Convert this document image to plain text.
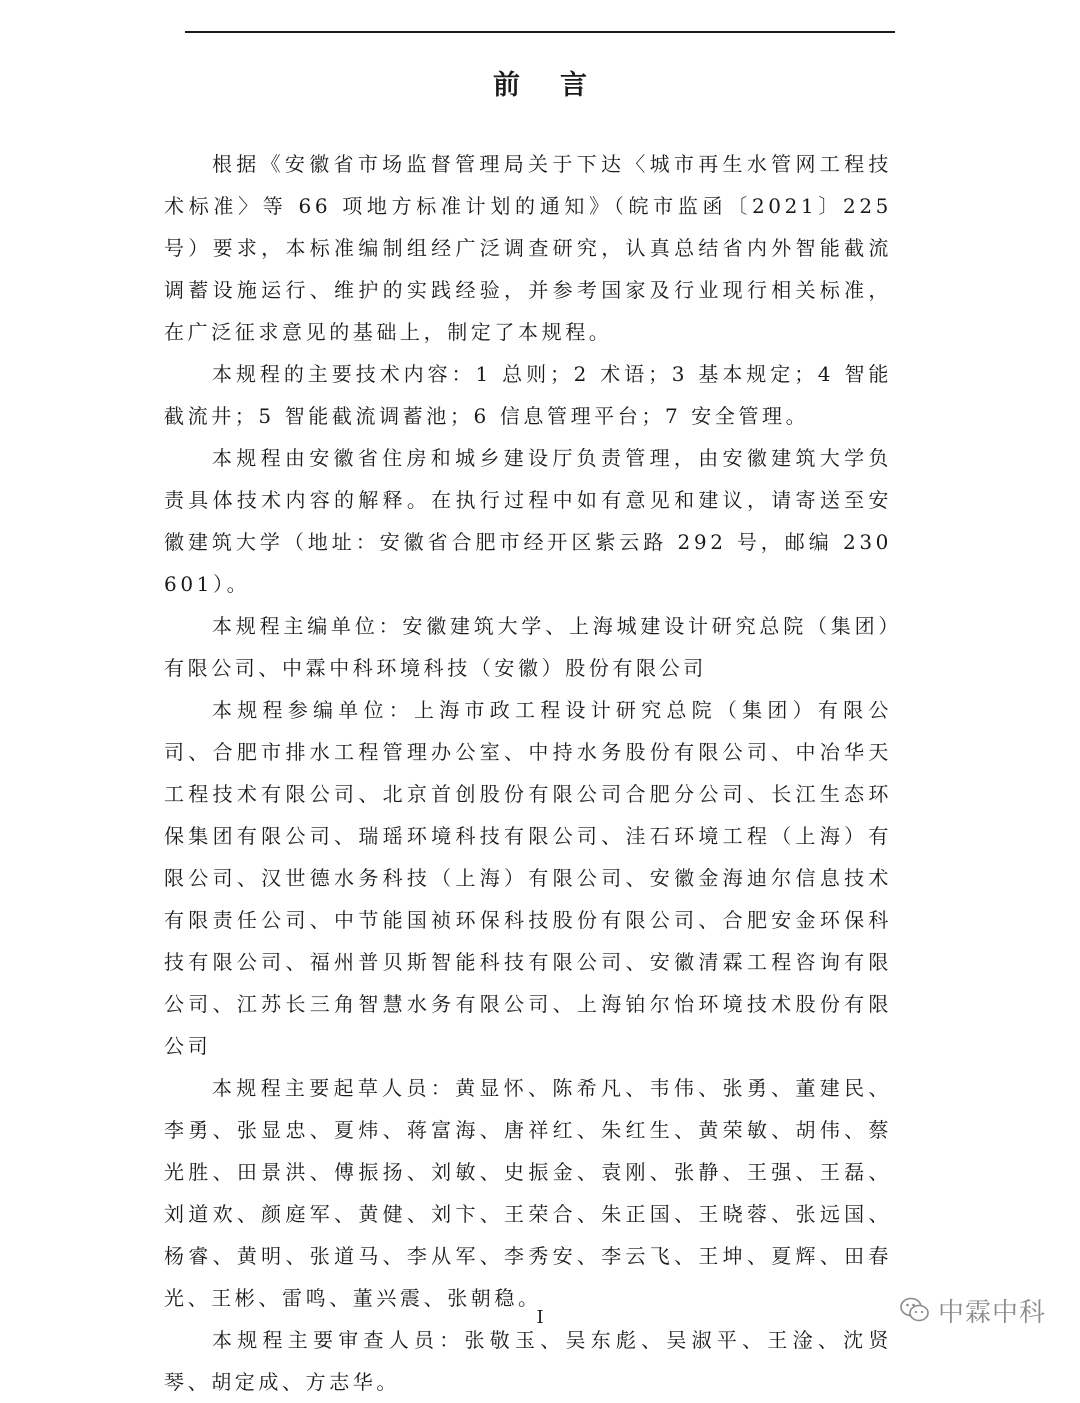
前言

根据《安徽省市场监督管理局关于下达〈城市再生水管网工程技术标准〉等 66 项地方标准计划的通知》（皖市监函〔2021〕225 号）要求，本标准编制组经广泛调查研究，认真总结省内外智能截流调蓄设施运行、维护的实践经验，并参考国家及行业现行相关标准，在广泛征求意见的基础上，制定了本规程。

本规程的主要技术内容：1 总则；2 术语；3 基本规定；4 智能截流井；5 智能截流调蓄池；6 信息管理平台；7 安全管理。

本规程由安徽省住房和城乡建设厅负责管理，由安徽建筑大学负责具体技术内容的解释。在执行过程中如有意见和建议，请寄送至安徽建筑大学（地址：安徽省合肥市经开区紫云路 292 号，邮编 230601）。

本规程主编单位：安徽建筑大学、上海城建设计研究总院（集团）有限公司、中霖中科环境科技（安徽）股份有限公司

本规程参编单位：上海市政工程设计研究总院（集团）有限公司、合肥市排水工程管理办公室、中持水务股份有限公司、中冶华天工程技术有限公司、北京首创股份有限公司合肥分公司、长江生态环保集团有限公司、瑞瑶环境科技有限公司、洼石环境工程（上海）有限公司、汉世德水务科技（上海）有限公司、安徽金海迪尔信息技术有限责任公司、中节能国祯环保科技股份有限公司、合肥安金环保科技有限公司、福州普贝斯智能科技有限公司、安徽清霖工程咨询有限公司、江苏长三角智慧水务有限公司、上海铂尔怡环境技术股份有限公司

本规程主要起草人员：黄显怀、陈希凡、韦伟、张勇、董建民、李勇、张显忠、夏炜、蒋富海、唐祥红、朱红生、黄荣敏、胡伟、蔡光胜、田景洪、傅振扬、刘敏、史振金、袁刚、张静、王强、王磊、刘道欢、颜庭军、黄健、刘卞、王荣合、朱正国、王晓蓉、张远国、杨睿、黄明、张道马、李从军、李秀安、李云飞、王坤、夏辉、田春光、王彬、雷鸣、董兴震、张朝稳。

本规程主要审查人员：张敬玉、吴东彪、吴淑平、王淦、沈贤琴、胡定成、方志华。

I	中霖中科
